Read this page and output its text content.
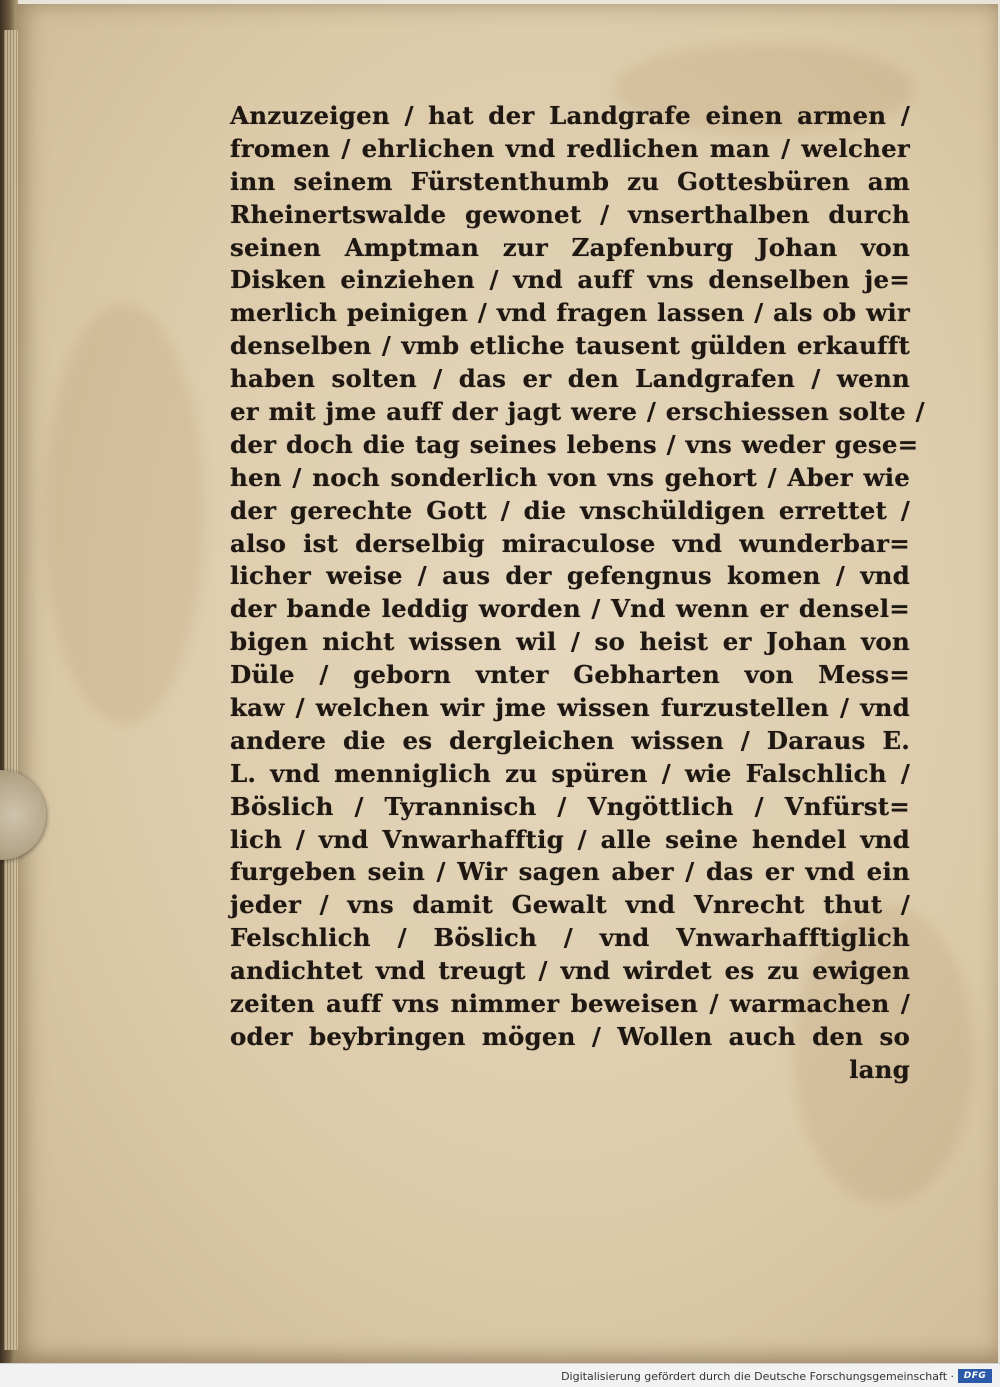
Anzuzeigen / hat der Landgrafe einen armen /
fromen / ehrlichen vnd redlichen man / welcher
inn seinem Fürstenthumb zu Gottesbüren am
Rheinertswalde gewonet / vnserthalben durch
seinen Amptman zur Zapfenburg Johan von
Disken einziehen / vnd auff vns denselben je=
merlich peinigen / vnd fragen lassen / als ob wir
denselben / vmb etliche tausent gülden erkaufft
haben solten / das er den Landgrafen / wenn
er mit jme auff der jagt were / erschiessen solte /
der doch die tag seines lebens / vns weder gese=
hen / noch sonderlich von vns gehort / Aber wie
der gerechte Gott / die vnschüldigen errettet /
also ist derselbig miraculose vnd wunderbar=
licher weise / aus der gefengnus komen / vnd
der bande leddig worden / Vnd wenn er densel=
bigen nicht wissen wil / so heist er Johan von
Düle / geborn vnter Gebharten von Mess=
kaw / welchen wir jme wissen furzustellen / vnd
andere die es dergleichen wissen / Daraus E.
L. vnd menniglich zu spüren / wie Falschlich /
Böslich / Tyrannisch / Vngöttlich / Vnfürst=
lich / vnd Vnwarhafftig / alle seine hendel vnd
furgeben sein / Wir sagen aber / das er vnd ein
jeder / vns damit Gewalt vnd Vnrecht thut /
Felschlich / Böslich / vnd Vnwarhafftiglich
andichtet vnd treugt / vnd wirdet es zu ewigen
zeiten auff vns nimmer beweisen / warmachen /
oder beybringen mögen / Wollen auch den so
lang
Digitalisierung gefördert durch die Deutsche Forschungsgemeinschaft ·	DFG
